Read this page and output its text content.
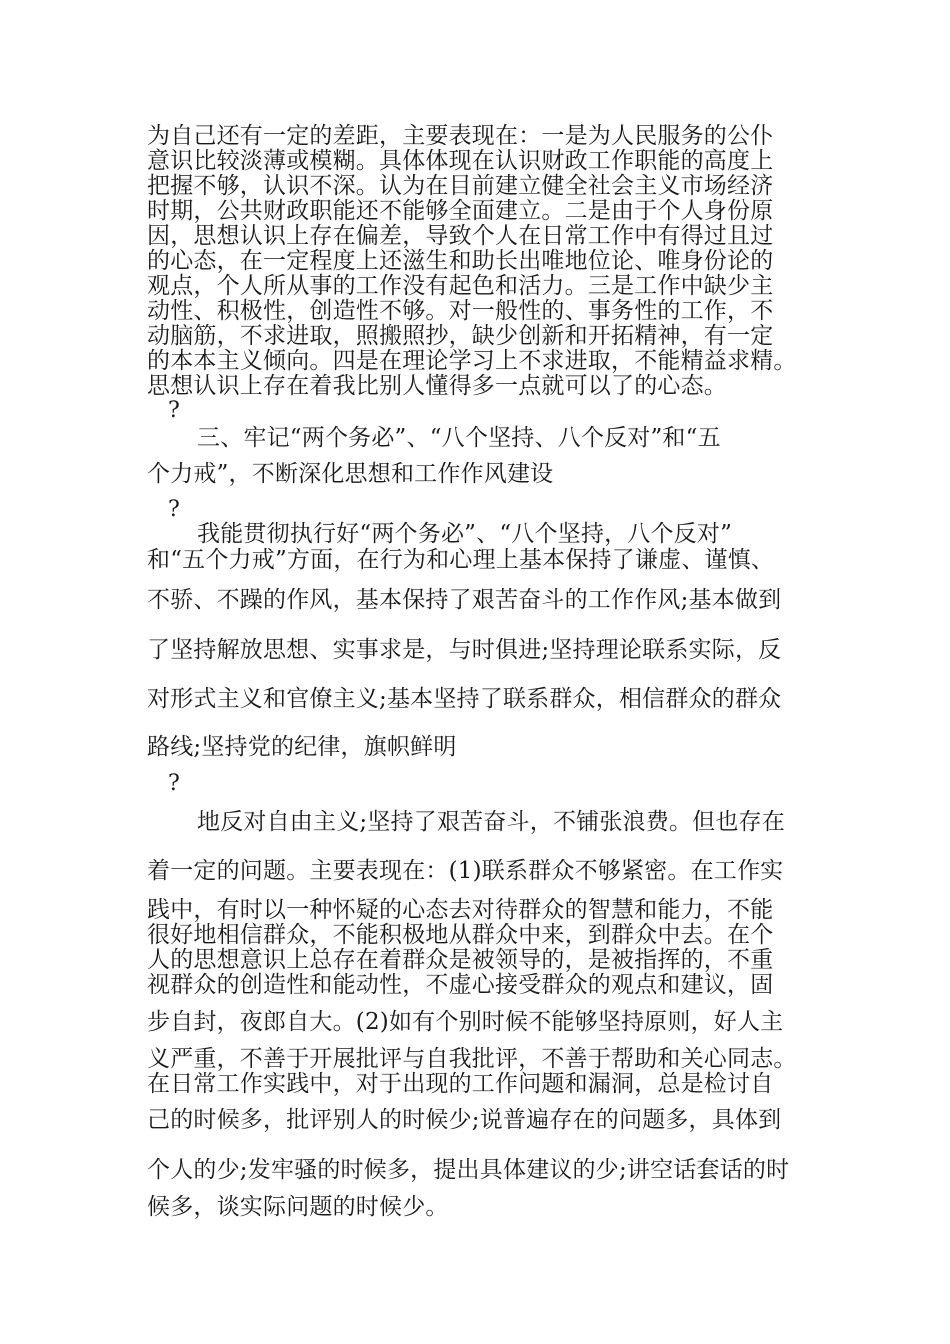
为自己还有一定的差距，主要表现在：一是为人民服务的公仆
意识比较淡薄或模糊。具体体现在认识财政工作职能的高度上
把握不够，认识不深。认为在目前建立健全社会主义市场经济
时期，公共财政职能还不能够全面建立。二是由于个人身份原
因，思想认识上存在偏差，导致个人在日常工作中有得过且过
的心态，在一定程度上还滋生和助长出唯地位论、唯身份论的
观点，个人所从事的工作没有起色和活力。三是工作中缺少主
动性、积极性，创造性不够。对一般性的、事务性的工作，不
动脑筋，不求进取，照搬照抄，缺少创新和开拓精神，有一定
的本本主义倾向。四是在理论学习上不求进取，不能精益求精。
思想认识上存在着我比别人懂得多一点就可以了的心态。
?
三、牢记“两个务必”、“八个坚持、八个反对”和“五
个力戒”，不断深化思想和工作作风建设
?
我能贯彻执行好“两个务必”、“八个坚持，八个反对”
和“五个力戒”方面，在行为和心理上基本保持了谦虚、谨慎、
不骄、不躁的作风，基本保持了艰苦奋斗的工作作风;基本做到
了坚持解放思想、实事求是，与时俱进;坚持理论联系实际，反
对形式主义和官僚主义;基本坚持了联系群众，相信群众的群众
路线;坚持党的纪律，旗帜鲜明
?
地反对自由主义;坚持了艰苦奋斗，不铺张浪费。但也存在
着一定的问题。主要表现在：(1)联系群众不够紧密。在工作实
践中，有时以一种怀疑的心态去对待群众的智慧和能力，不能
很好地相信群众，不能积极地从群众中来，到群众中去。在个
人的思想意识上总存在着群众是被领导的，是被指挥的，不重
视群众的创造性和能动性，不虚心接受群众的观点和建议，固
步自封，夜郎自大。(2)如有个别时候不能够坚持原则，好人主
义严重，不善于开展批评与自我批评，不善于帮助和关心同志。
在日常工作实践中，对于出现的工作问题和漏洞，总是检讨自
己的时候多，批评别人的时候少;说普遍存在的问题多，具体到
个人的少;发牢骚的时候多，提出具体建议的少;讲空话套话的时
候多，谈实际问题的时候少。
